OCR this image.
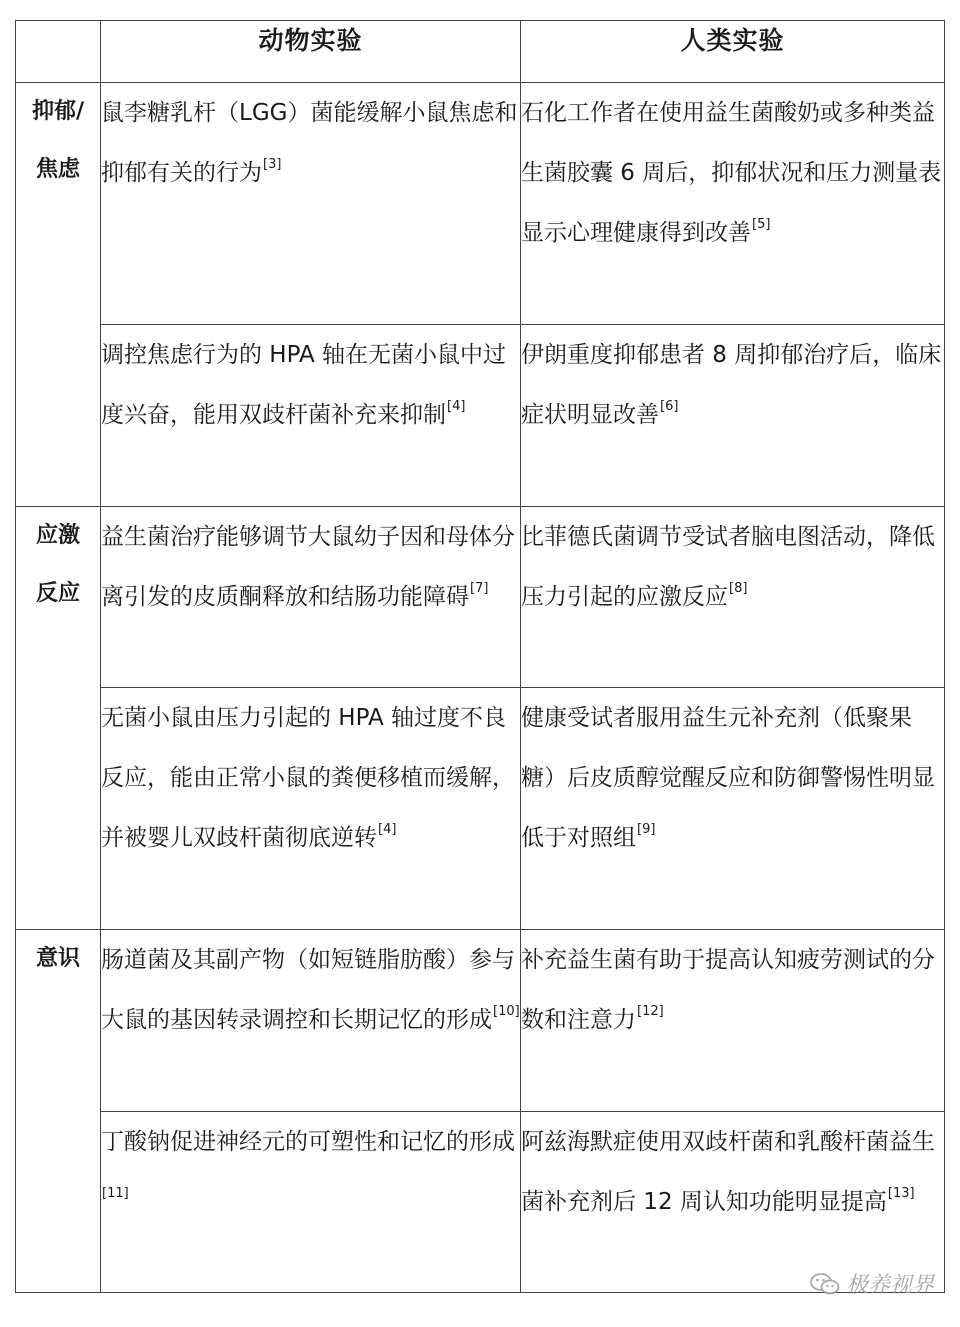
	动物实验	人类实验
抑郁/
焦虑	鼠李糖乳杆（LGG）菌能缓解小鼠焦虑和抑郁有关的行为[3]	石化工作者在使用益生菌酸奶或多种类益生菌胶囊 6 周后，抑郁状况和压力测量表显示心理健康得到改善[5]
	调控焦虑行为的 HPA 轴在无菌小鼠中过度兴奋，能用双歧杆菌补充来抑制[4]	伊朗重度抑郁患者 8 周抑郁治疗后，临床症状明显改善[6]
应激
反应	益生菌治疗能够调节大鼠幼子因和母体分离引发的皮质酮释放和结肠功能障碍[7]	比菲德氏菌调节受试者脑电图活动，降低压力引起的应激反应[8]
	无菌小鼠由压力引起的 HPA 轴过度不良反应，能由正常小鼠的粪便移植而缓解，并被婴儿双歧杆菌彻底逆转[4]	健康受试者服用益生元补充剂（低聚果糖）后皮质醇觉醒反应和防御警惕性明显低于对照组[9]
意识	肠道菌及其副产物（如短链脂肪酸）参与大鼠的基因转录调控和长期记忆的形成[10]	补充益生菌有助于提高认知疲劳测试的分数和注意力[12]
	丁酸钠促进神经元的可塑性和记忆的形成[11]	阿兹海默症使用双歧杆菌和乳酸杆菌益生菌补充剂后 12 周认知功能明显提高[13]
极养视界
